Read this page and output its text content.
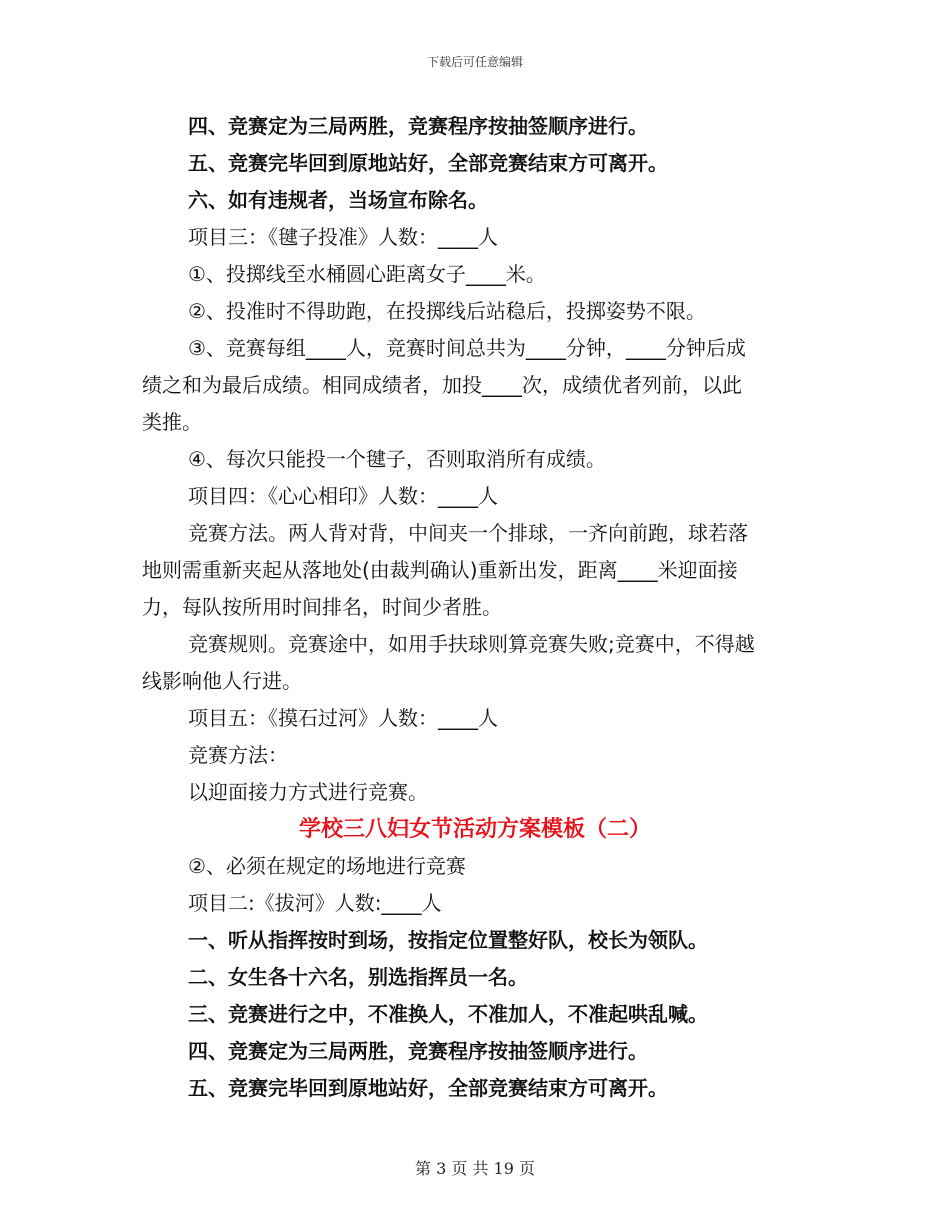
下载后可任意编辑
四、竞赛定为三局两胜，竞赛程序按抽签顺序进行。
五、竞赛完毕回到原地站好，全部竞赛结束方可离开。
六、如有违规者，当场宣布除名。
项目三：《毽子投准》人数：____人
①、投掷线至水桶圆心距离女子____米。
②、投准时不得助跑，在投掷线后站稳后，投掷姿势不限。
③、竞赛每组____人，竞赛时间总共为____分钟，____分钟后成
绩之和为最后成绩。相同成绩者，加投____次，成绩优者列前，以此
类推。
④、每次只能投一个毽子，否则取消所有成绩。
项目四：《心心相印》人数：____人
竞赛方法。两人背对背，中间夹一个排球，一齐向前跑，球若落
地则需重新夹起从落地处(由裁判确认)重新出发，距离____米迎面接
力，每队按所用时间排名，时间少者胜。
竞赛规则。竞赛途中，如用手扶球则算竞赛失败;竞赛中，不得越
线影响他人行进。
项目五：《摸石过河》人数：____人
竞赛方法：
以迎面接力方式进行竞赛。
学校三八妇女节活动方案模板（二）
②、必须在规定的场地进行竞赛
项目二:《拔河》人数:____人
一、听从指挥按时到场，按指定位置整好队，校长为领队。
二、女生各十六名，别选指挥员一名。
三、竞赛进行之中，不准换人，不准加人，不准起哄乱喊。
四、竞赛定为三局两胜，竞赛程序按抽签顺序进行。
五、竞赛完毕回到原地站好，全部竞赛结束方可离开。
第 3 页 共 19 页
